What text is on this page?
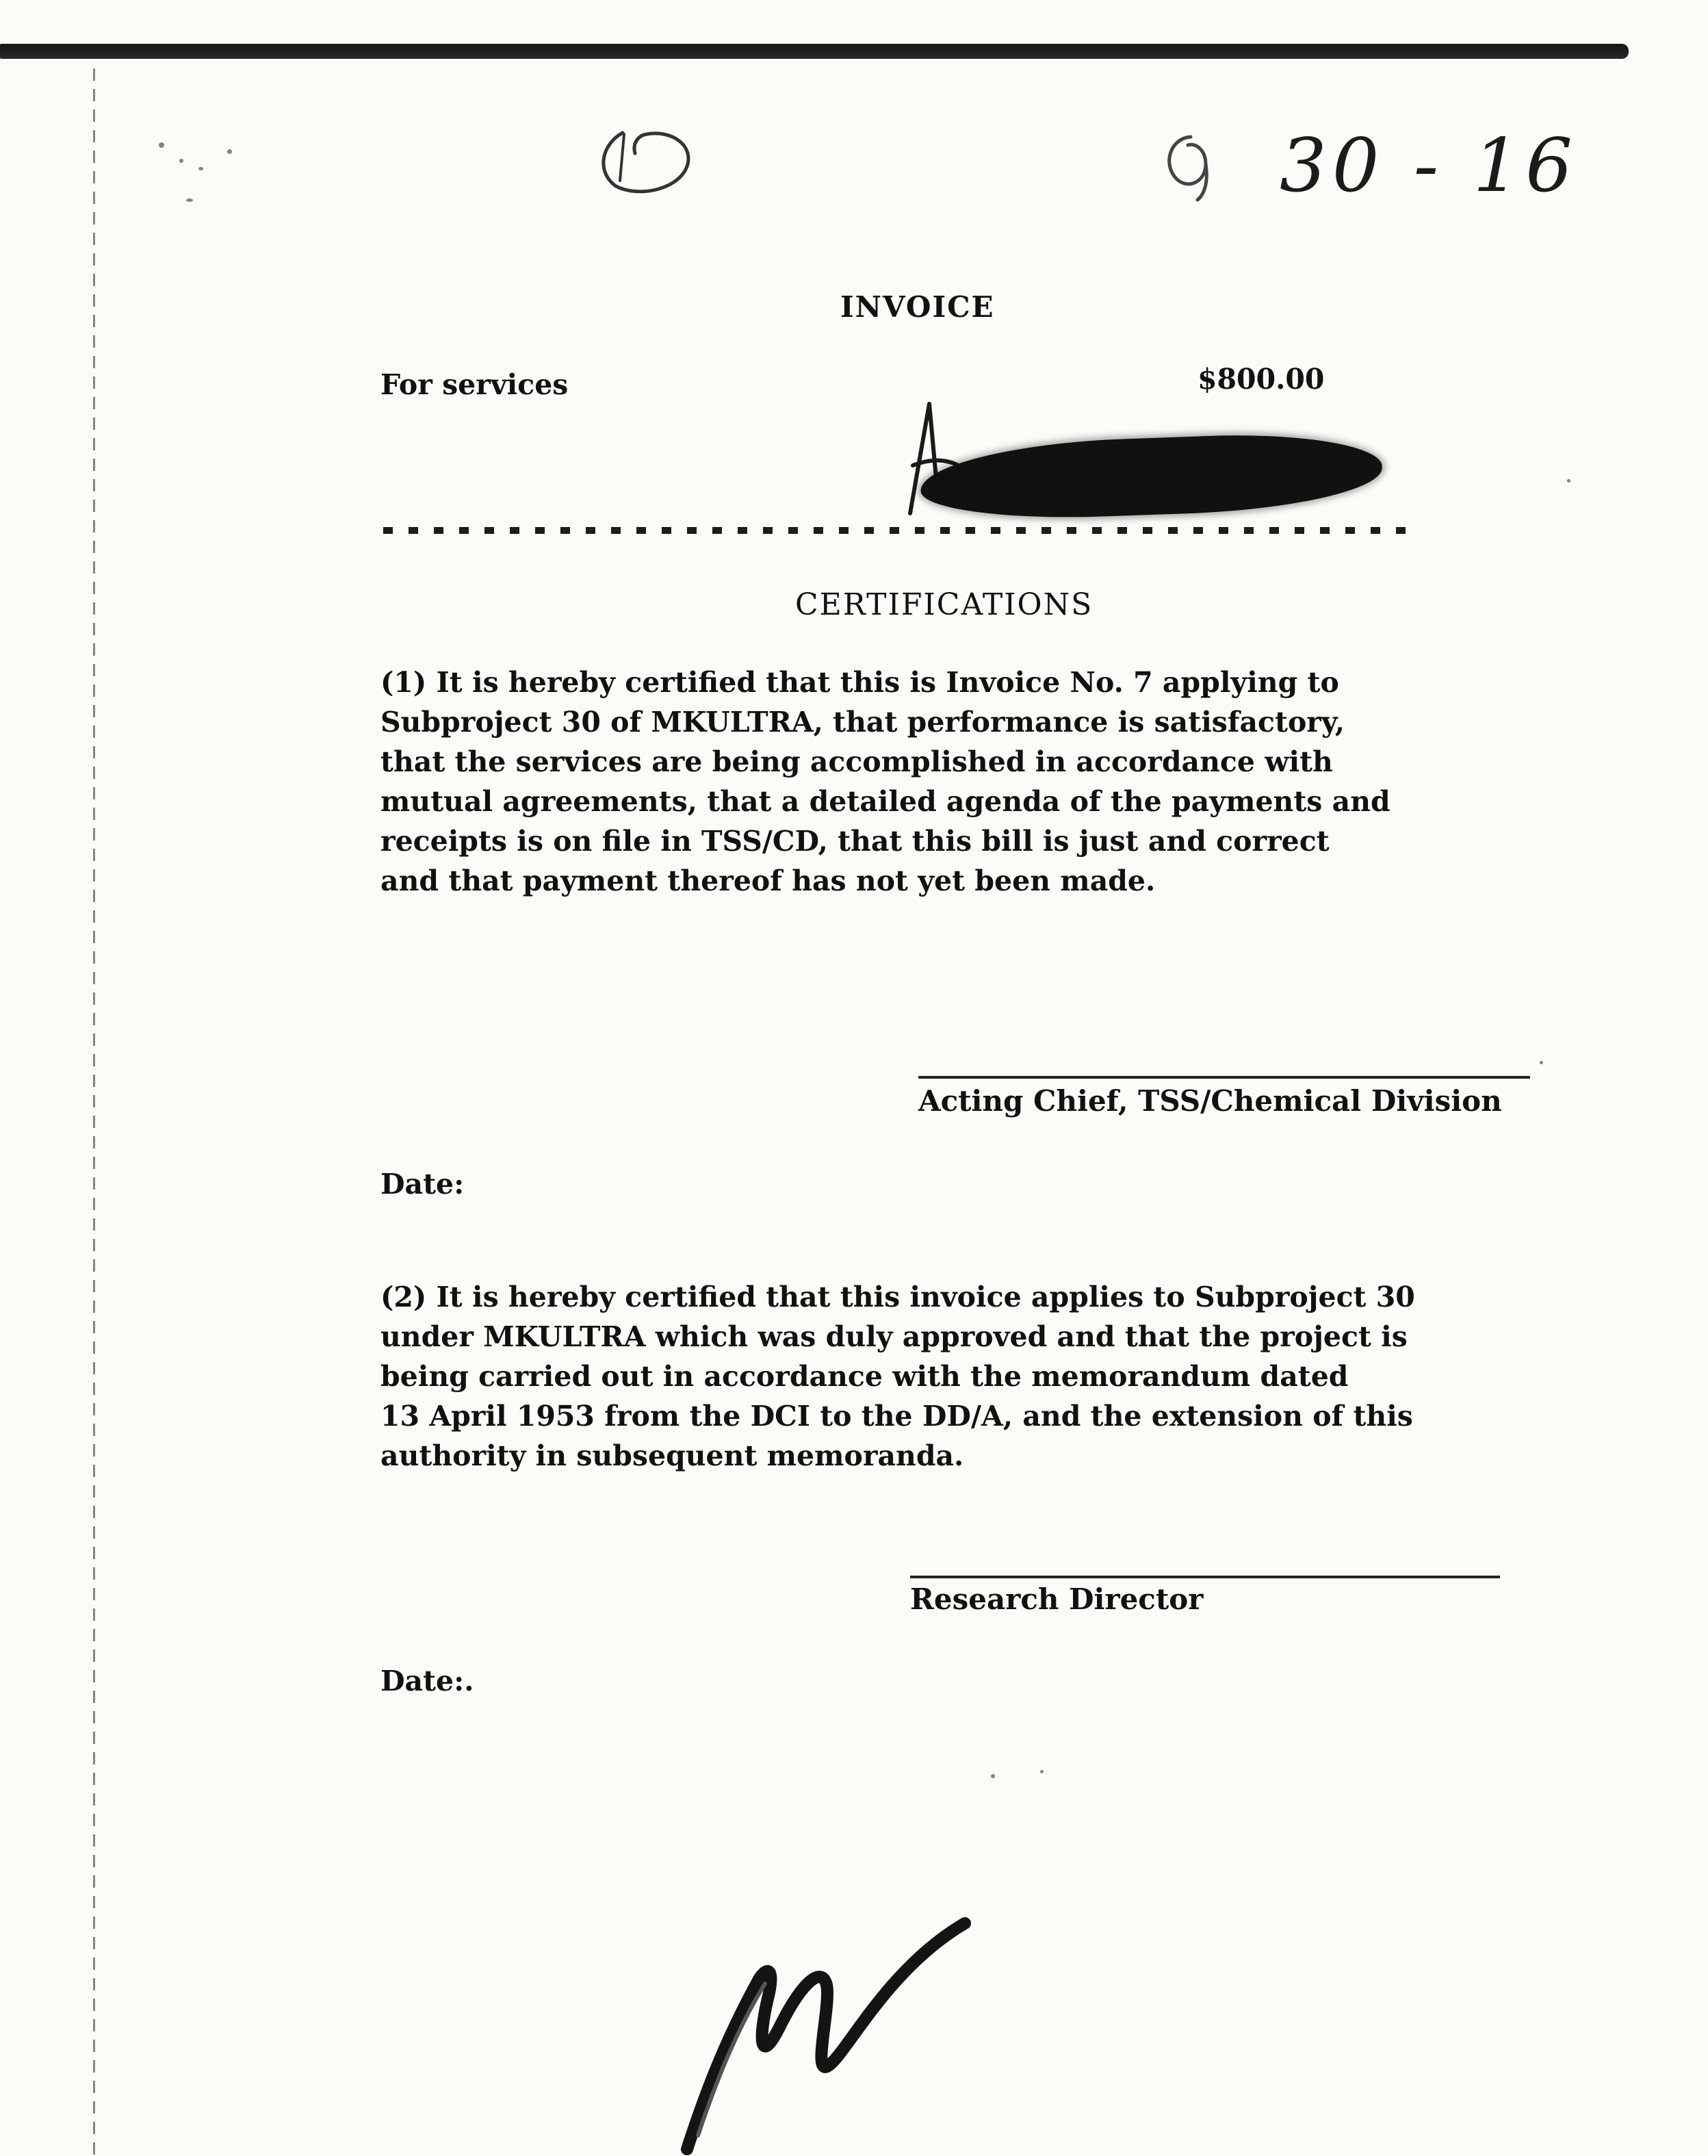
30 - 16
INVOICE
For services	$800.00
CERTIFICATIONS
(1) It is hereby certified that this is Invoice No. 7 applying to
Subproject 30 of MKULTRA, that performance is satisfactory,
that the services are being accomplished in accordance with
mutual agreements, that a detailed agenda of the payments and
receipts is on file in TSS/CD, that this bill is just and correct
and that payment thereof has not yet been made.
Acting Chief, TSS/Chemical Division
Date:
(2) It is hereby certified that this invoice applies to Subproject 30
under MKULTRA which was duly approved and that the project is
being carried out in accordance with the memorandum dated
13 April 1953 from the DCI to the DD/A, and the extension of this
authority in subsequent memoranda.
Research Director
Date:.
